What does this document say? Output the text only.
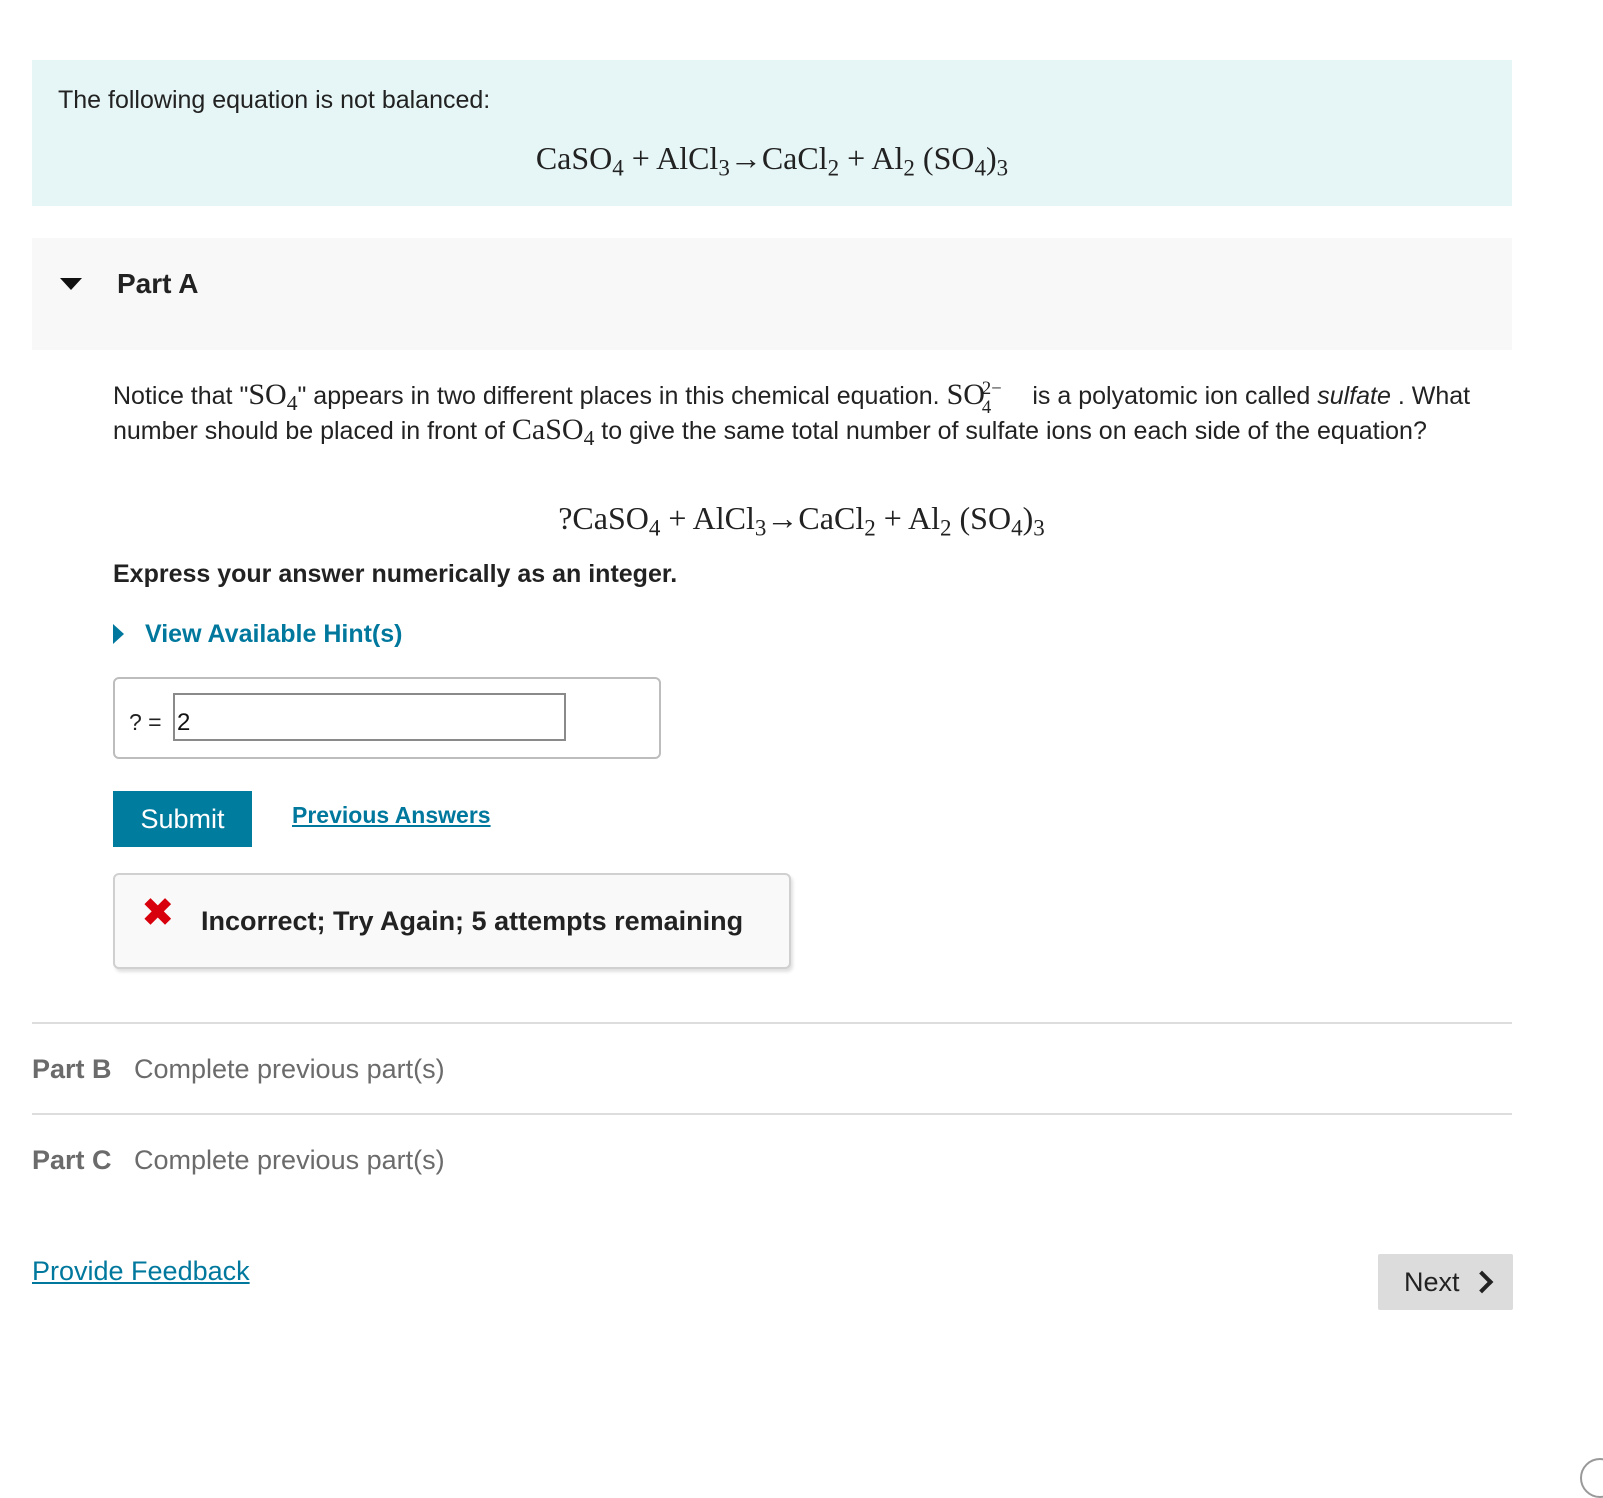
The following equation is not balanced:
CaSO$_4$ + AlCl$_3$→CaCl$_2$ + $Al_2$ $(SO_4)_3$
Part A
Notice that "$SO_4$" appears in two different places in this chemical equation. SO
2−
4 is a polyatomic ion called sulfate . What number should be placed in front of CaSO$_4$ to give the same total number of sulfate ions on each side of the equation?
?CaSO$_4$ + AlCl$_3$→CaCl$_2$ + $Al_2$ $(SO_4)_3$
Express your answer numerically as an integer.
View Available Hint(s)
? =
2
Submit	Previous Answers
✖ Incorrect; Try Again; 5 attempts remaining
Part B Complete previous part(s)
Part C Complete previous part(s)
Provide Feedback	Next
